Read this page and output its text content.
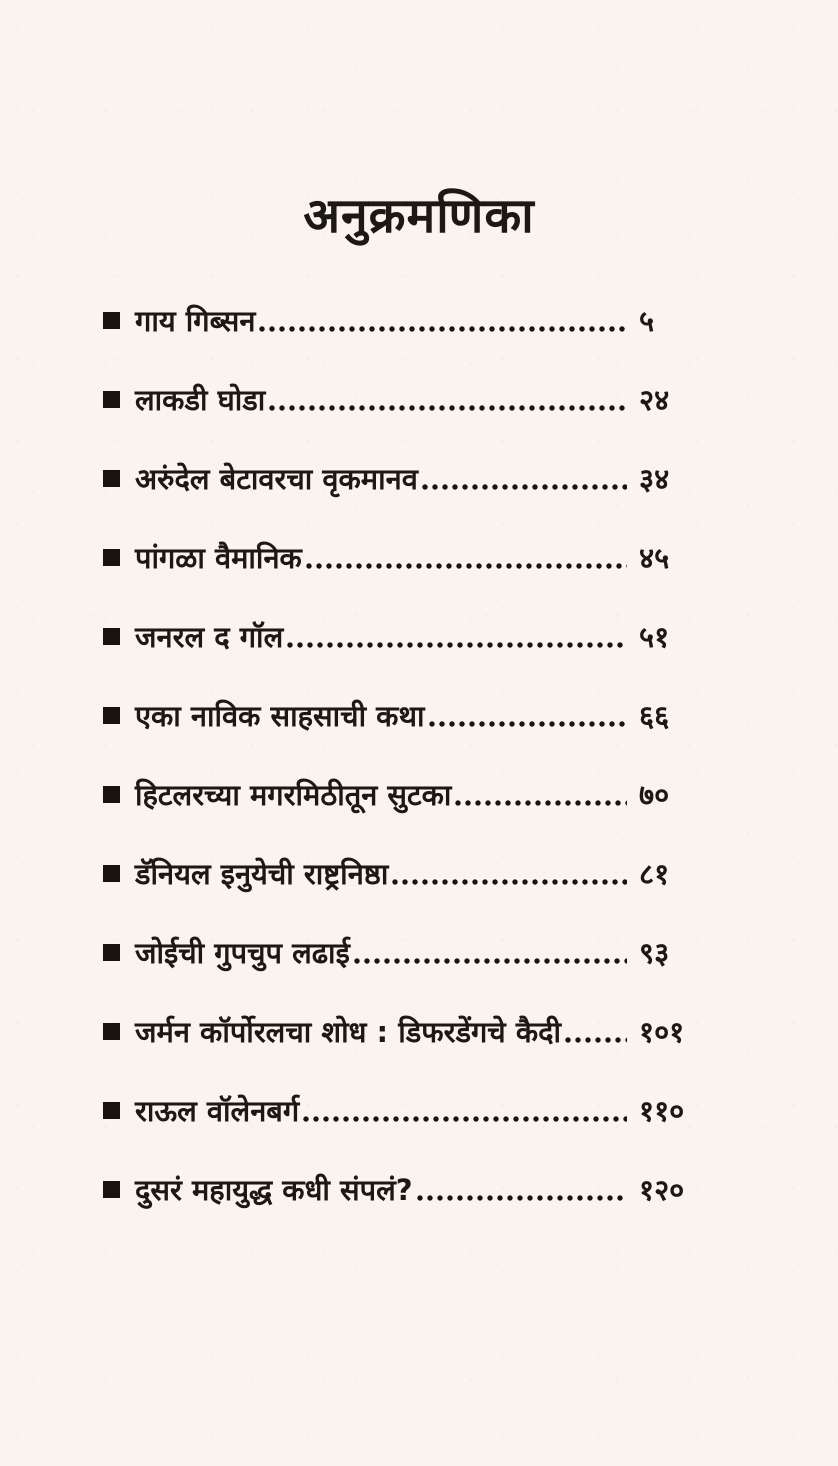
अनुक्रमणिका
गाय गिब्सन	५
लाकडी घोडा	२४
अरुंदेल बेटावरचा वृकमानव	३४
पांगळा वैमानिक	४५
जनरल द गॉल	५१
एका नाविक साहसाची कथा	६६
हिटलरच्या मगरमिठीतून सुटका	७०
डॅनियल इनुयेची राष्ट्रनिष्ठा	८१
जोईची गुपचुप लढाई	९३
जर्मन कॉर्पोरलचा शोध : डिफरडेंगचे कैदी	१०१
राऊल वॉलेनबर्ग	११०
दुसरं महायुद्ध कधी संपलं?	१२०
